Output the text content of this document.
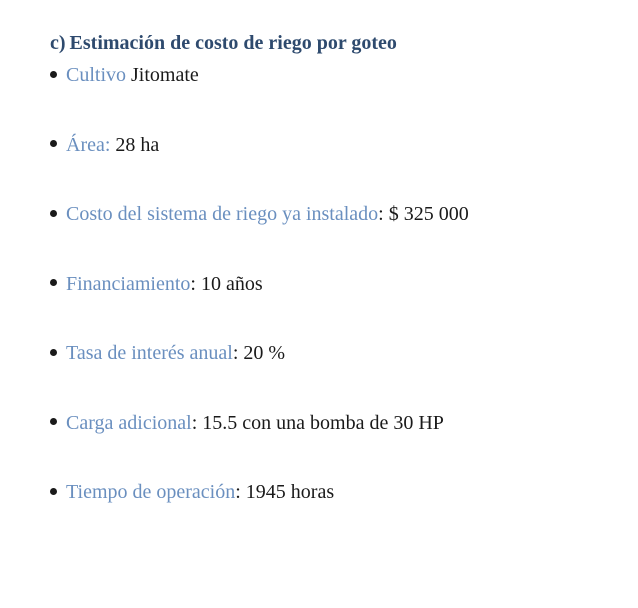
c) Estimación de costo de riego por goteo
Cultivo Jitomate
Área: 28 ha
Costo del sistema de riego ya instalado: $ 325 000
Financiamiento: 10 años
Tasa de interés anual: 20 %
Carga adicional: 15.5 con una bomba de 30 HP
Tiempo de operación: 1945 horas
